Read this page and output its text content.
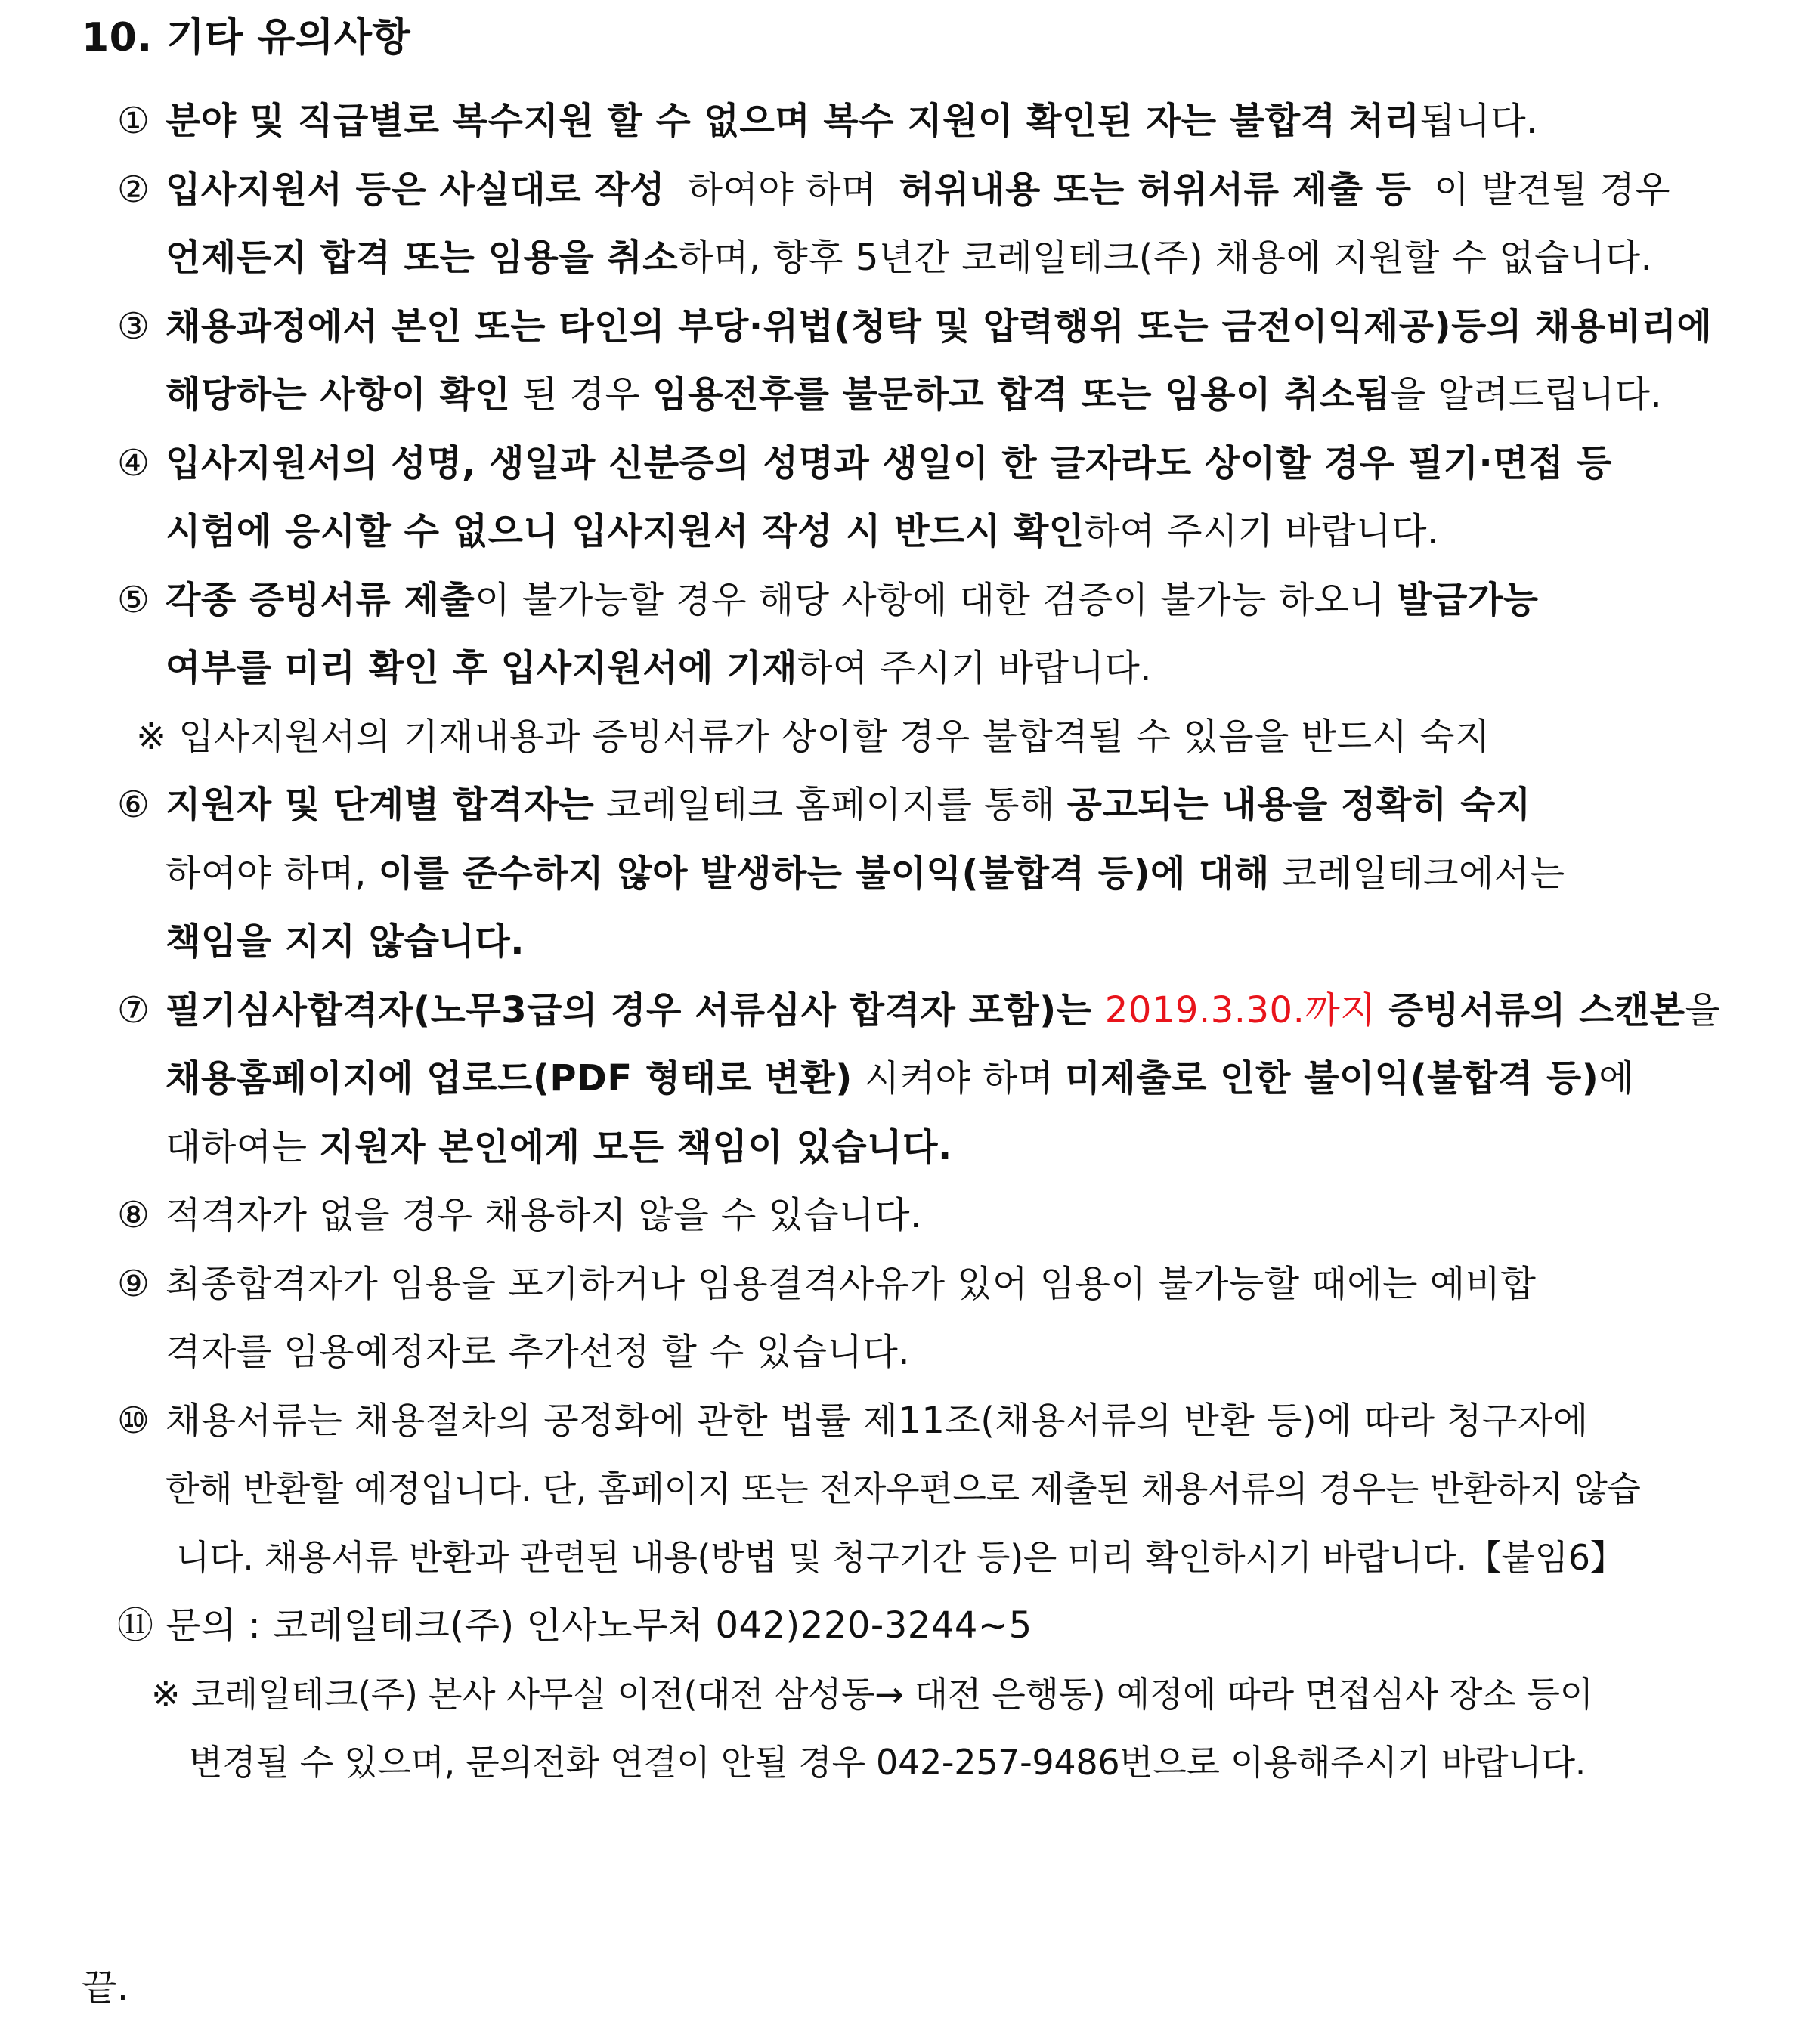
10. 기타 유의사항
① 분야 및 직급별로 복수지원 할 수 없으며 복수 지원이 확인된 자는 불합격 처리됩니다.
② 입사지원서 등은 사실대로 작성 하여야 하며 허위내용 또는 허위서류 제출 등 이 발견될 경우
언제든지 합격 또는 임용을 취소하며, 향후 5년간 코레일테크(주) 채용에 지원할 수 없습니다.
③ 채용과정에서 본인 또는 타인의 부당·위법(청탁 및 압력행위 또는 금전이익제공)등의 채용비리에
해당하는 사항이 확인 된 경우 임용전후를 불문하고 합격 또는 임용이 취소됨을 알려드립니다.
④ 입사지원서의 성명, 생일과 신분증의 성명과 생일이 한 글자라도 상이할 경우 필기·면접 등
시험에 응시할 수 없으니 입사지원서 작성 시 반드시 확인하여 주시기 바랍니다.
⑤ 각종 증빙서류 제출이 불가능할 경우 해당 사항에 대한 검증이 불가능 하오니 발급가능
여부를 미리 확인 후 입사지원서에 기재하여 주시기 바랍니다.
※ 입사지원서의 기재내용과 증빙서류가 상이할 경우 불합격될 수 있음을 반드시 숙지
⑥ 지원자 및 단계별 합격자는 코레일테크 홈페이지를 통해 공고되는 내용을 정확히 숙지
하여야 하며, 이를 준수하지 않아 발생하는 불이익(불합격 등)에 대해 코레일테크에서는
책임을 지지 않습니다.
⑦ 필기심사합격자(노무3급의 경우 서류심사 합격자 포함)는 2019.3.30.까지 증빙서류의 스캔본을
채용홈페이지에 업로드(PDF 형태로 변환) 시켜야 하며 미제출로 인한 불이익(불합격 등)에
대하여는 지원자 본인에게 모든 책임이 있습니다.
⑧ 적격자가 없을 경우 채용하지 않을 수 있습니다.
⑨ 최종합격자가 임용을 포기하거나 임용결격사유가 있어 임용이 불가능할 때에는 예비합
격자를 임용예정자로 추가선정 할 수 있습니다.
⑩ 채용서류는 채용절차의 공정화에 관한 법률 제11조(채용서류의 반환 등)에 따라 청구자에
한해 반환할 예정입니다. 단, 홈페이지 또는 전자우편으로 제출된 채용서류의 경우는 반환하지 않습
니다. 채용서류 반환과 관련된 내용(방법 및 청구기간 등)은 미리 확인하시기 바랍니다.【붙임6】
⑪ 문의 : 코레일테크(주) 인사노무처 042)220-3244~5
※ 코레일테크(주) 본사 사무실 이전(대전 삼성동→ 대전 은행동) 예정에 따라 면접심사 장소 등이
변경될 수 있으며, 문의전화 연결이 안될 경우 042-257-9486번으로 이용해주시기 바랍니다.
끝.
